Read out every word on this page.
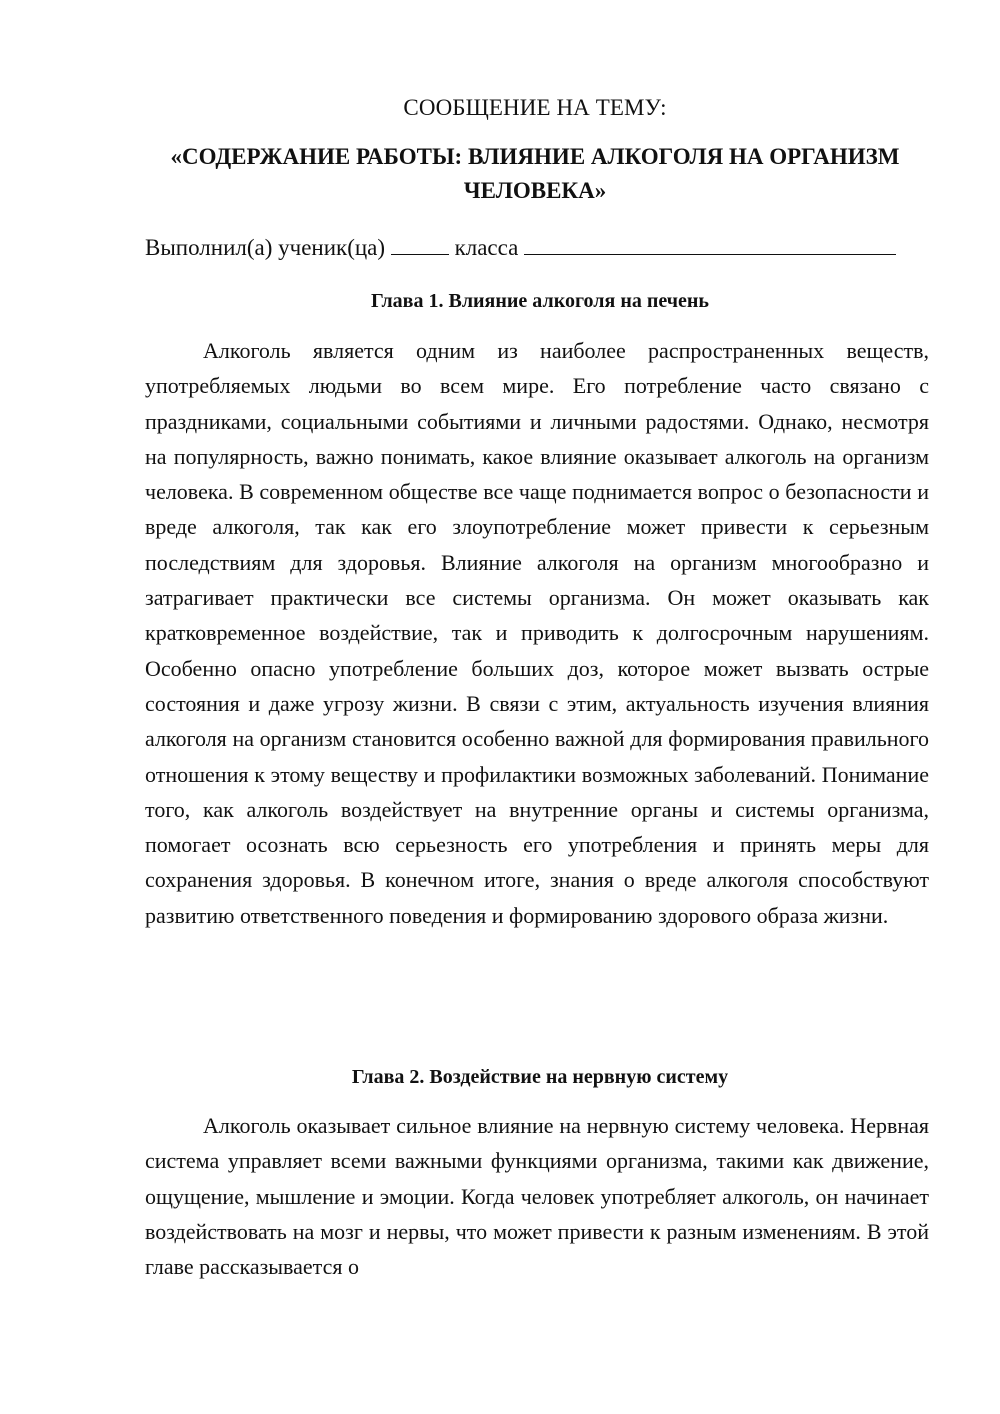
СООБЩЕНИЕ НА ТЕМУ:
«СОДЕРЖАНИЕ РАБОТЫ: ВЛИЯНИЕ АЛКОГОЛЯ НА ОРГАНИЗМ ЧЕЛОВЕКА»
Выполнил(а) ученик(ца)	класса
Глава 1. Влияние алкоголя на печень

Алкоголь является одним из наиболее распространенных веществ, употребляемых людьми во всем мире. Его потребление часто связано с праздниками, социальными событиями и личными радостями. Однако, несмотря на популярность, важно понимать, какое влияние оказывает алкоголь на организм человека. В современном обществе все чаще поднимается вопрос о безопасности и вреде алкоголя, так как его злоупотребление может привести к серьезным последствиям для здоровья. Влияние алкоголя на организм многообразно и затрагивает практически все системы организма. Он может оказывать как кратковременное воздействие, так и приводить к долгосрочным нарушениям. Особенно опасно употребление больших доз, которое может вызвать острые состояния и даже угрозу жизни. В связи с этим, актуальность изучения влияния алкоголя на организм становится особенно важной для формирования правильного отношения к этому веществу и профилактики возможных заболеваний. Понимание того, как алкоголь воздействует на внутренние органы и системы организма, помогает осознать всю серьезность его употребления и принять меры для сохранения здоровья. В конечном итоге, знания о вреде алкоголя способствуют развитию ответственного поведения и формированию здорового образа жизни.

Глава 2. Воздействие на нервную систему

Алкоголь оказывает сильное влияние на нервную систему человека. Нервная система управляет всеми важными функциями организма, такими как движение, ощущение, мышление и эмоции. Когда человек употребляет алкоголь, он начинает воздействовать на мозг и нервы, что может привести к разным изменениям. В этой главе рассказывается о
